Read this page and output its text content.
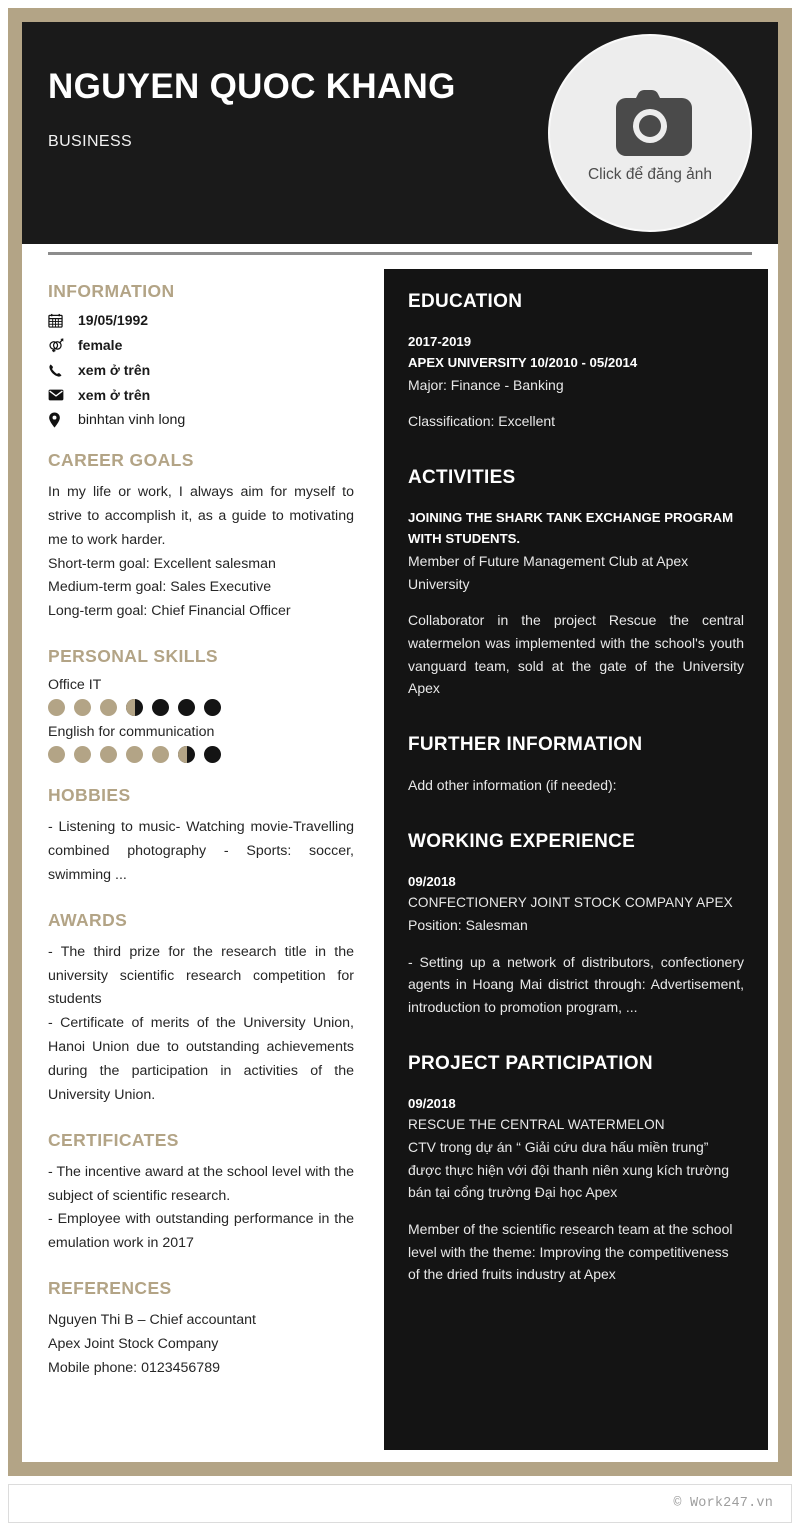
NGUYEN QUOC KHANG
BUSINESS
Click để đăng ảnh
INFORMATION
19/05/1992
female
xem ở trên
xem ở trên
binhtan vinh long
CAREER GOALS
In my life or work, I always aim for myself to strive to accomplish it, as a guide to motivating me to work harder.
Short-term goal: Excellent salesman
Medium-term goal: Sales Executive
Long-term goal: Chief Financial Officer
PERSONAL SKILLS
Office IT
English for communication
HOBBIES
- Listening to music- Watching movie-Travelling combined photography - Sports: soccer, swimming ...
AWARDS
- The third prize for the research title in the university scientific research competition for students
- Certificate of merits of the University Union, Hanoi Union due to outstanding achievements during the participation in activities of the University Union.
CERTIFICATES
- The incentive award at the school level with the subject of scientific research.
- Employee with outstanding performance in the emulation work in 2017
REFERENCES
Nguyen Thi B – Chief accountant
Apex Joint Stock Company
Mobile phone: 0123456789
EDUCATION
2017-2019
APEX UNIVERSITY 10/2010 - 05/2014
Major: Finance - Banking
Classification: Excellent
ACTIVITIES
JOINING THE SHARK TANK EXCHANGE PROGRAM WITH STUDENTS.
Member of Future Management Club at Apex University
Collaborator in the project Rescue the central watermelon was implemented with the school's youth vanguard team, sold at the gate of the University Apex
FURTHER INFORMATION
Add other information (if needed):
WORKING EXPERIENCE
09/2018
CONFECTIONERY JOINT STOCK COMPANY APEX
Position: Salesman
- Setting up a network of distributors, confectionery agents in Hoang Mai district through: Advertisement, introduction to promotion program, ...
PROJECT PARTICIPATION
09/2018
RESCUE THE CENTRAL WATERMELON
CTV trong dự án “ Giải cứu dưa hấu miền trung” được thực hiện với đội thanh niên xung kích trường bán tại cổng trường Đại học Apex
Member of the scientific research team at the school level with the theme: Improving the competitiveness of the dried fruits industry at Apex
© Work247.vn
